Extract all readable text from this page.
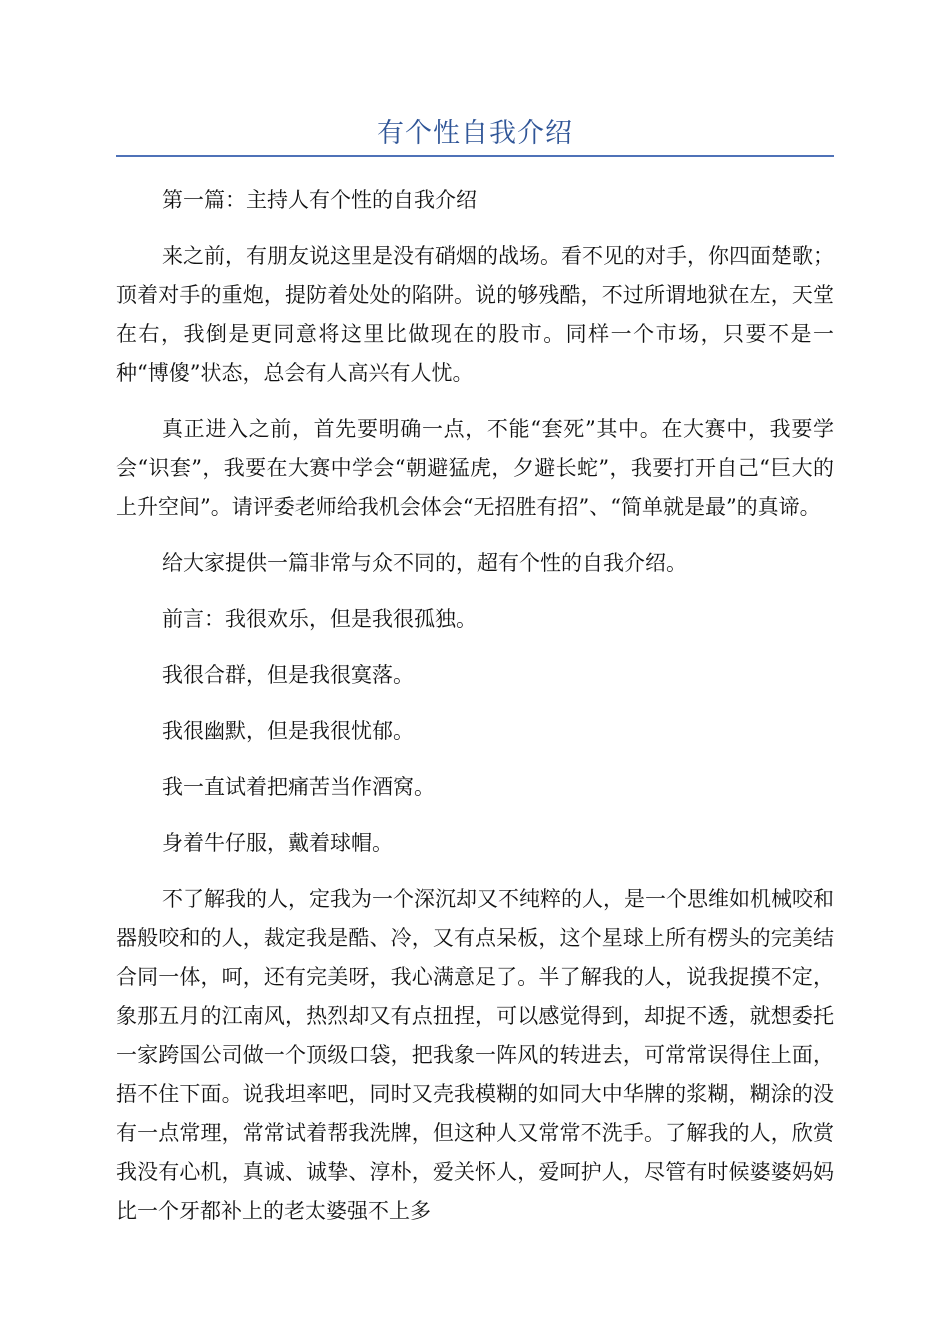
有个性自我介绍

第一篇：主持人有个性的自我介绍

来之前，有朋友说这里是没有硝烟的战场。看不见的对手，你四面楚歌；顶着对手的重炮，提防着处处的陷阱。说的够残酷，不过所谓地狱在左，天堂在右，我倒是更同意将这里比做现在的股市。同样一个市场，只要不是一种“博傻”状态，总会有人高兴有人忧。

真正进入之前，首先要明确一点，不能“套死”其中。在大赛中，我要学会“识套”，我要在大赛中学会“朝避猛虎，夕避长蛇”，我要打开自己“巨大的上升空间”。请评委老师给我机会体会“无招胜有招”、“简单就是最”的真谛。

给大家提供一篇非常与众不同的，超有个性的自我介绍。

前言：我很欢乐，但是我很孤独。

我很合群，但是我很寞落。

我很幽默，但是我很忧郁。

我一直试着把痛苦当作酒窝。

身着牛仔服，戴着球帽。

不了解我的人，定我为一个深沉却又不纯粹的人，是一个思维如机械咬和器般咬和的人，裁定我是酷、冷，又有点呆板，这个星球上所有楞头的完美结合同一体，呵，还有完美呀，我心满意足了。半了解我的人，说我捉摸不定，象那五月的江南风，热烈却又有点扭捏，可以感觉得到，却捉不透，就想委托一家跨国公司做一个顶级口袋，把我象一阵风的转进去，可常常误得住上面，捂不住下面。说我坦率吧，同时又壳我模糊的如同大中华牌的浆糊，糊涂的没有一点常理，常常试着帮我洗牌，但这种人又常常不洗手。了解我的人，欣赏我没有心机，真诚、诚挚、淳朴，爱关怀人，爱呵护人，尽管有时候婆婆妈妈比一个牙都补上的老太婆强不上多
